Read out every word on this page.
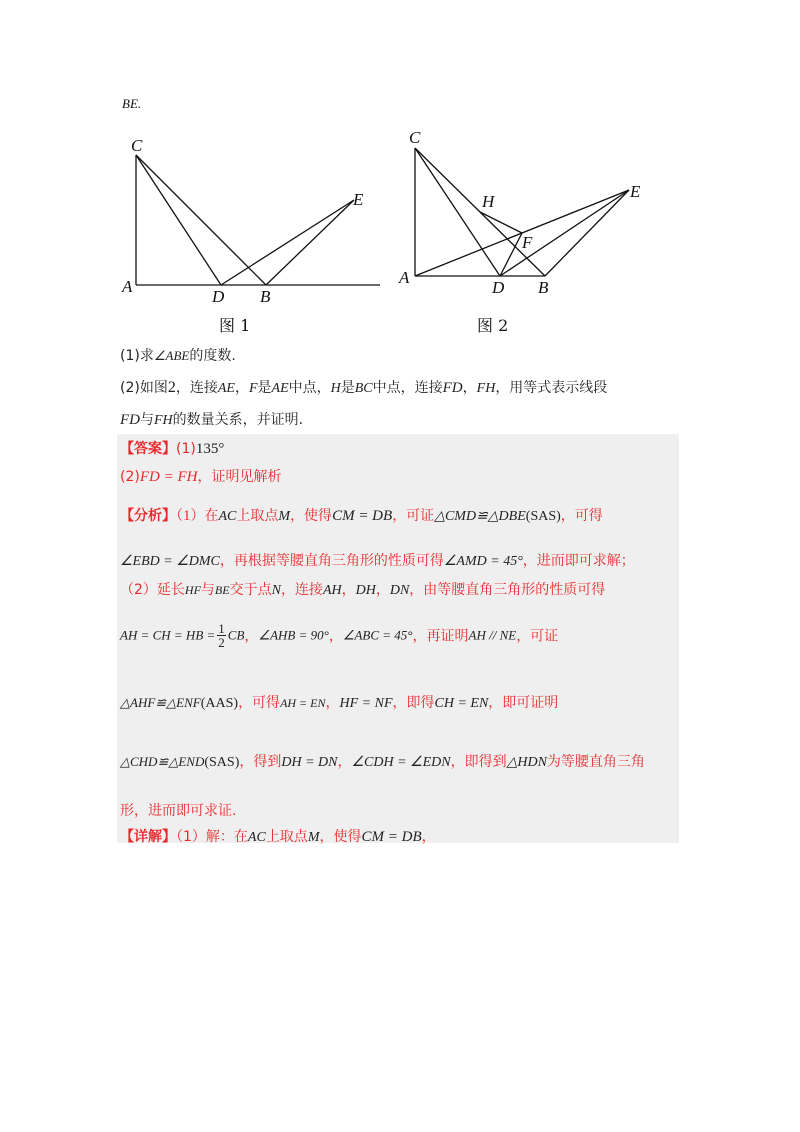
BE.
C
A
D B
E
图 1
C
A
D B
E
H
F
图 2
(1)求∠ABE的度数.
(2)如图2，连接AE，F是AE中点，H是BC中点，连接FD，FH，用等式表示线段
FD与FH的数量关系，并证明.
【答案】(1)135°
(2)FD = FH，证明见解析
【分析】（1）在AC上取点M，使得CM = DB，可证△CMD≌△DBE(SAS)，可得
∠EBD = ∠DMC，再根据等腰直角三角形的性质可得∠AMD = 45°，进而即可求解；
（2）延长HF与BE交于点N，连接AH，DH，DN，由等腰直角三角形的性质可得
AH = CH = HB = $\frac{1}{2}$ CB，∠AHB = 90°，∠ABC = 45°，再证明AH // NE，可证
△AHF≌△ENF(AAS)，可得AH = EN，HF = NF，即得CH = EN，即可证明
△CHD≌△END(SAS)，得到DH = DN，∠CDH = ∠EDN，即得到△HDN为等腰直角三角
形，进而即可求证.
【详解】（1）解：在AC上取点M，使得CM = DB，
